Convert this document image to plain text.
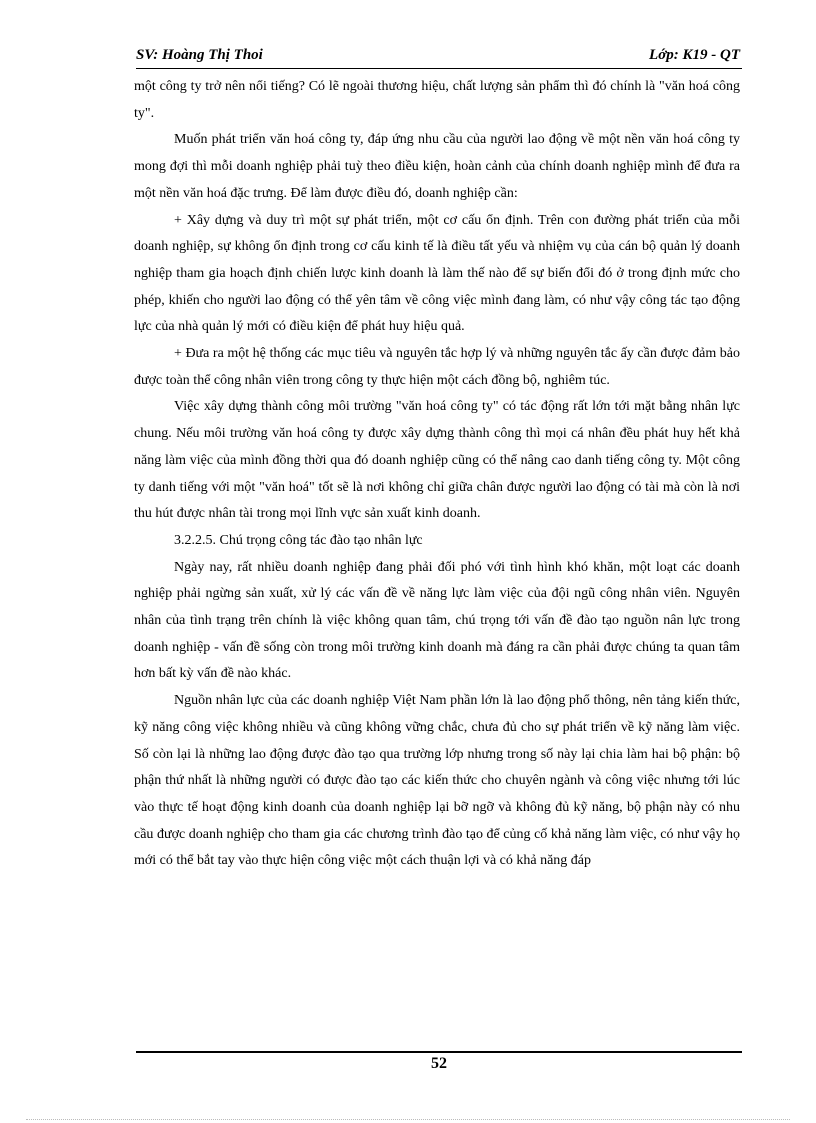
SV: Hoàng Thị Thoi	Lớp: K19 - QT

một công ty trở nên nổi tiếng? Có lẽ ngoài thương hiệu, chất lượng sản phẩm thì đó chính là "văn hoá công ty".

Muốn phát triển văn hoá công ty, đáp ứng nhu cầu của người lao động về một nền văn hoá công ty mong đợi thì mỗi doanh nghiệp phải tuỳ theo điều kiện, hoàn cảnh của chính doanh nghiệp mình để đưa ra một nền văn hoá đặc trưng. Để làm được điều đó, doanh nghiệp cần:

+ Xây dựng và duy trì một sự phát triển, một cơ cấu ổn định. Trên con đường phát triển của mỗi doanh nghiệp, sự không ổn định trong cơ cấu kinh tế là điều tất yếu và nhiệm vụ của cán bộ quản lý doanh nghiệp tham gia hoạch định chiến lược kinh doanh là làm thế nào để sự biến đổi đó ở trong định mức cho phép, khiến cho người lao động có thể yên tâm về công việc mình đang làm, có như vậy công tác tạo động lực của nhà quản lý mới có điều kiện để phát huy hiệu quả.

+ Đưa ra một hệ thống các mục tiêu và nguyên tắc hợp lý và những nguyên tắc ấy cần được đảm bảo được toàn thể công nhân viên trong công ty thực hiện một cách đồng bộ, nghiêm túc.

Việc xây dựng thành công môi trường "văn hoá công ty" có tác động rất lớn tới mặt bằng nhân lực chung. Nếu môi trường văn hoá công ty được xây dựng thành công thì mọi cá nhân đều phát huy hết khả năng làm việc của mình đồng thời qua đó doanh nghiệp cũng có thể nâng cao danh tiếng công ty. Một công ty danh tiếng với một "văn hoá" tốt sẽ là nơi không chỉ giữa chân được người lao động có tài mà còn là nơi thu hút được nhân tài trong mọi lĩnh vực sản xuất kinh doanh.

3.2.2.5. Chú trọng công tác đào tạo nhân lực

Ngày nay, rất nhiều doanh nghiệp đang phải đối phó với tình hình khó khăn, một loạt các doanh nghiệp phải ngừng sản xuất, xử lý các vấn đề về năng lực làm việc của đội ngũ công nhân viên. Nguyên nhân của tình trạng trên chính là việc không quan tâm, chú trọng tới vấn đề đào tạo nguồn nân lực trong doanh nghiệp - vấn đề sống còn trong môi trường kinh doanh mà đáng ra cần phải được chúng ta quan tâm hơn bất kỳ vấn đề nào khác.

Nguồn nhân lực của các doanh nghiệp Việt Nam phần lớn là lao động phổ thông, nên tảng kiến thức, kỹ năng công việc không nhiều và cũng không vững chắc, chưa đủ cho sự phát triển về kỹ năng làm việc. Số còn lại là những lao động được đào tạo qua trường lớp nhưng trong số này lại chia làm hai bộ phận: bộ phận thứ nhất là những người có được đào tạo các kiến thức cho chuyên ngành và công việc nhưng tới lúc vào thực tế hoạt động kinh doanh của doanh nghiệp lại bỡ ngỡ và không đủ kỹ năng, bộ phận này có nhu cầu được doanh nghiệp cho tham gia các chương trình đào tạo để củng cố khả năng làm việc, có như vậy họ mới có thể bắt tay vào thực hiện công việc một cách thuận lợi và có khả năng đáp

52
